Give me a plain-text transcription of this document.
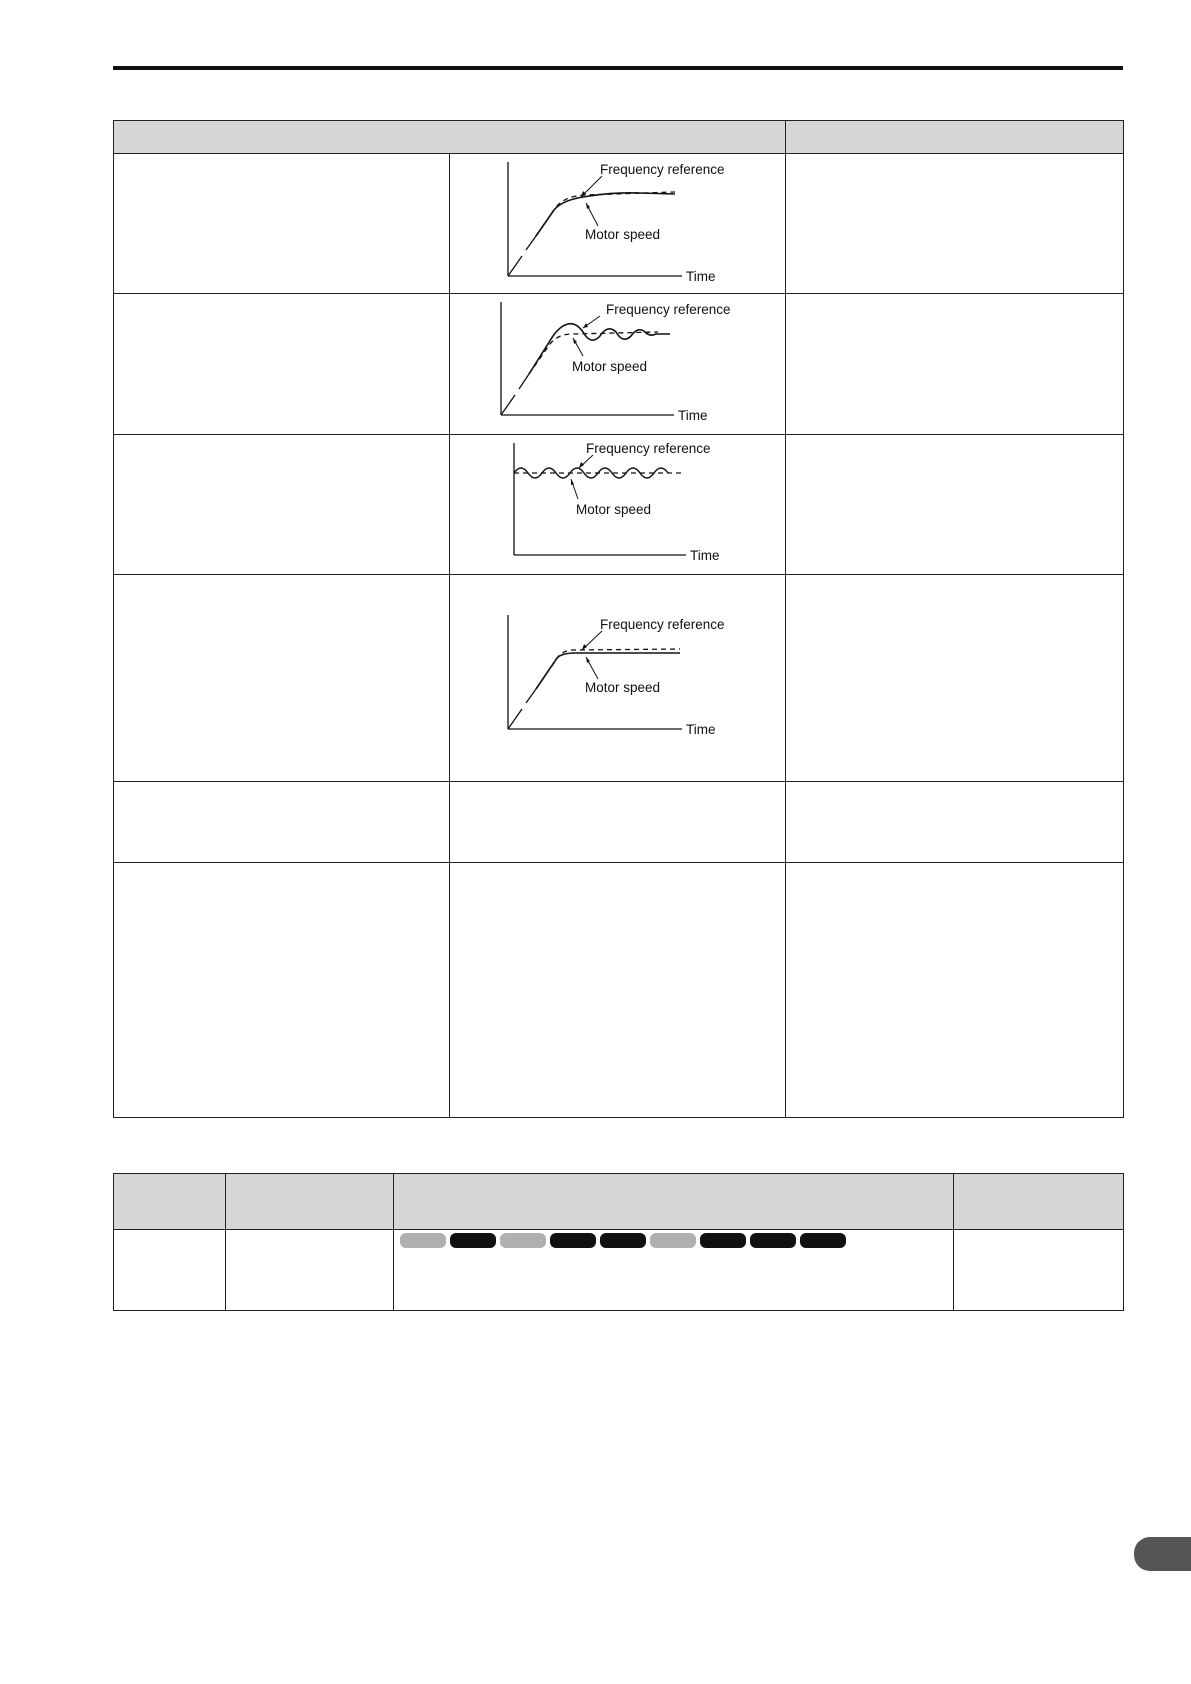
Frequency reference
Motor speed
Time	

Frequency reference
Motor speed
Time	

Frequency reference
Motor speed
Time	

Frequency reference
Motor speed
Time	
